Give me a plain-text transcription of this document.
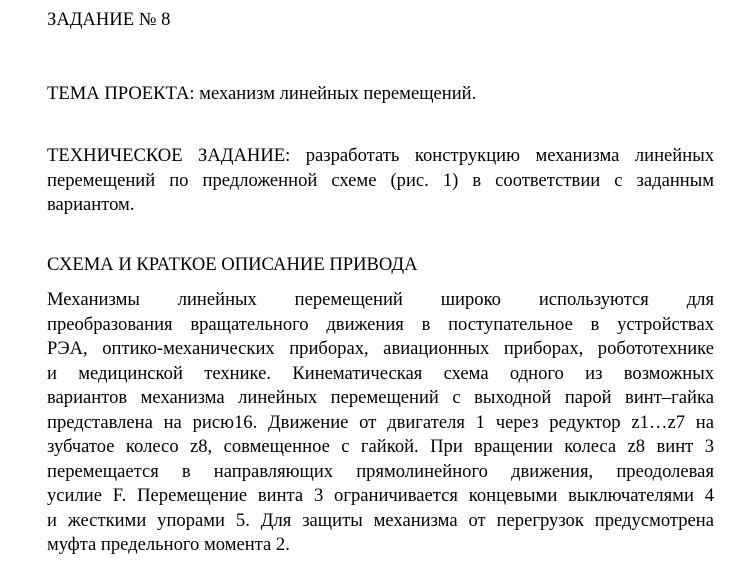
ЗАДАНИЕ № 8
ТЕМА ПРОЕКТА: механизм линейных перемещений.
ТЕХНИЧЕСКОЕ ЗАДАНИЕ: разработать конструкцию механизма линейных
перемещений по предложенной схеме (рис. 1) в соответствии с заданным
вариантом.
СХЕМА И КРАТКОЕ ОПИСАНИЕ ПРИВОДА
Механизмы линейных перемещений широко используются для
преобразования вращательного движения в поступательное в устройствах
РЭА, оптико-механических приборах, авиационных приборах, робототехнике
и медицинской технике. Кинематическая схема одного из возможных
вариантов механизма линейных перемещений с выходной парой винт–гайка
представлена на рисю16. Движение от двигателя 1 через редуктор z1…z7 на
зубчатое колесо z8, совмещенное с гайкой. При вращении колеса z8 винт 3
перемещается в направляющих прямолинейного движения, преодолевая
усилие F. Перемещение винта 3 ограничивается концевыми выключателями 4
и жесткими упорами 5. Для защиты механизма от перегрузок предусмотрена
муфта предельного момента 2.
